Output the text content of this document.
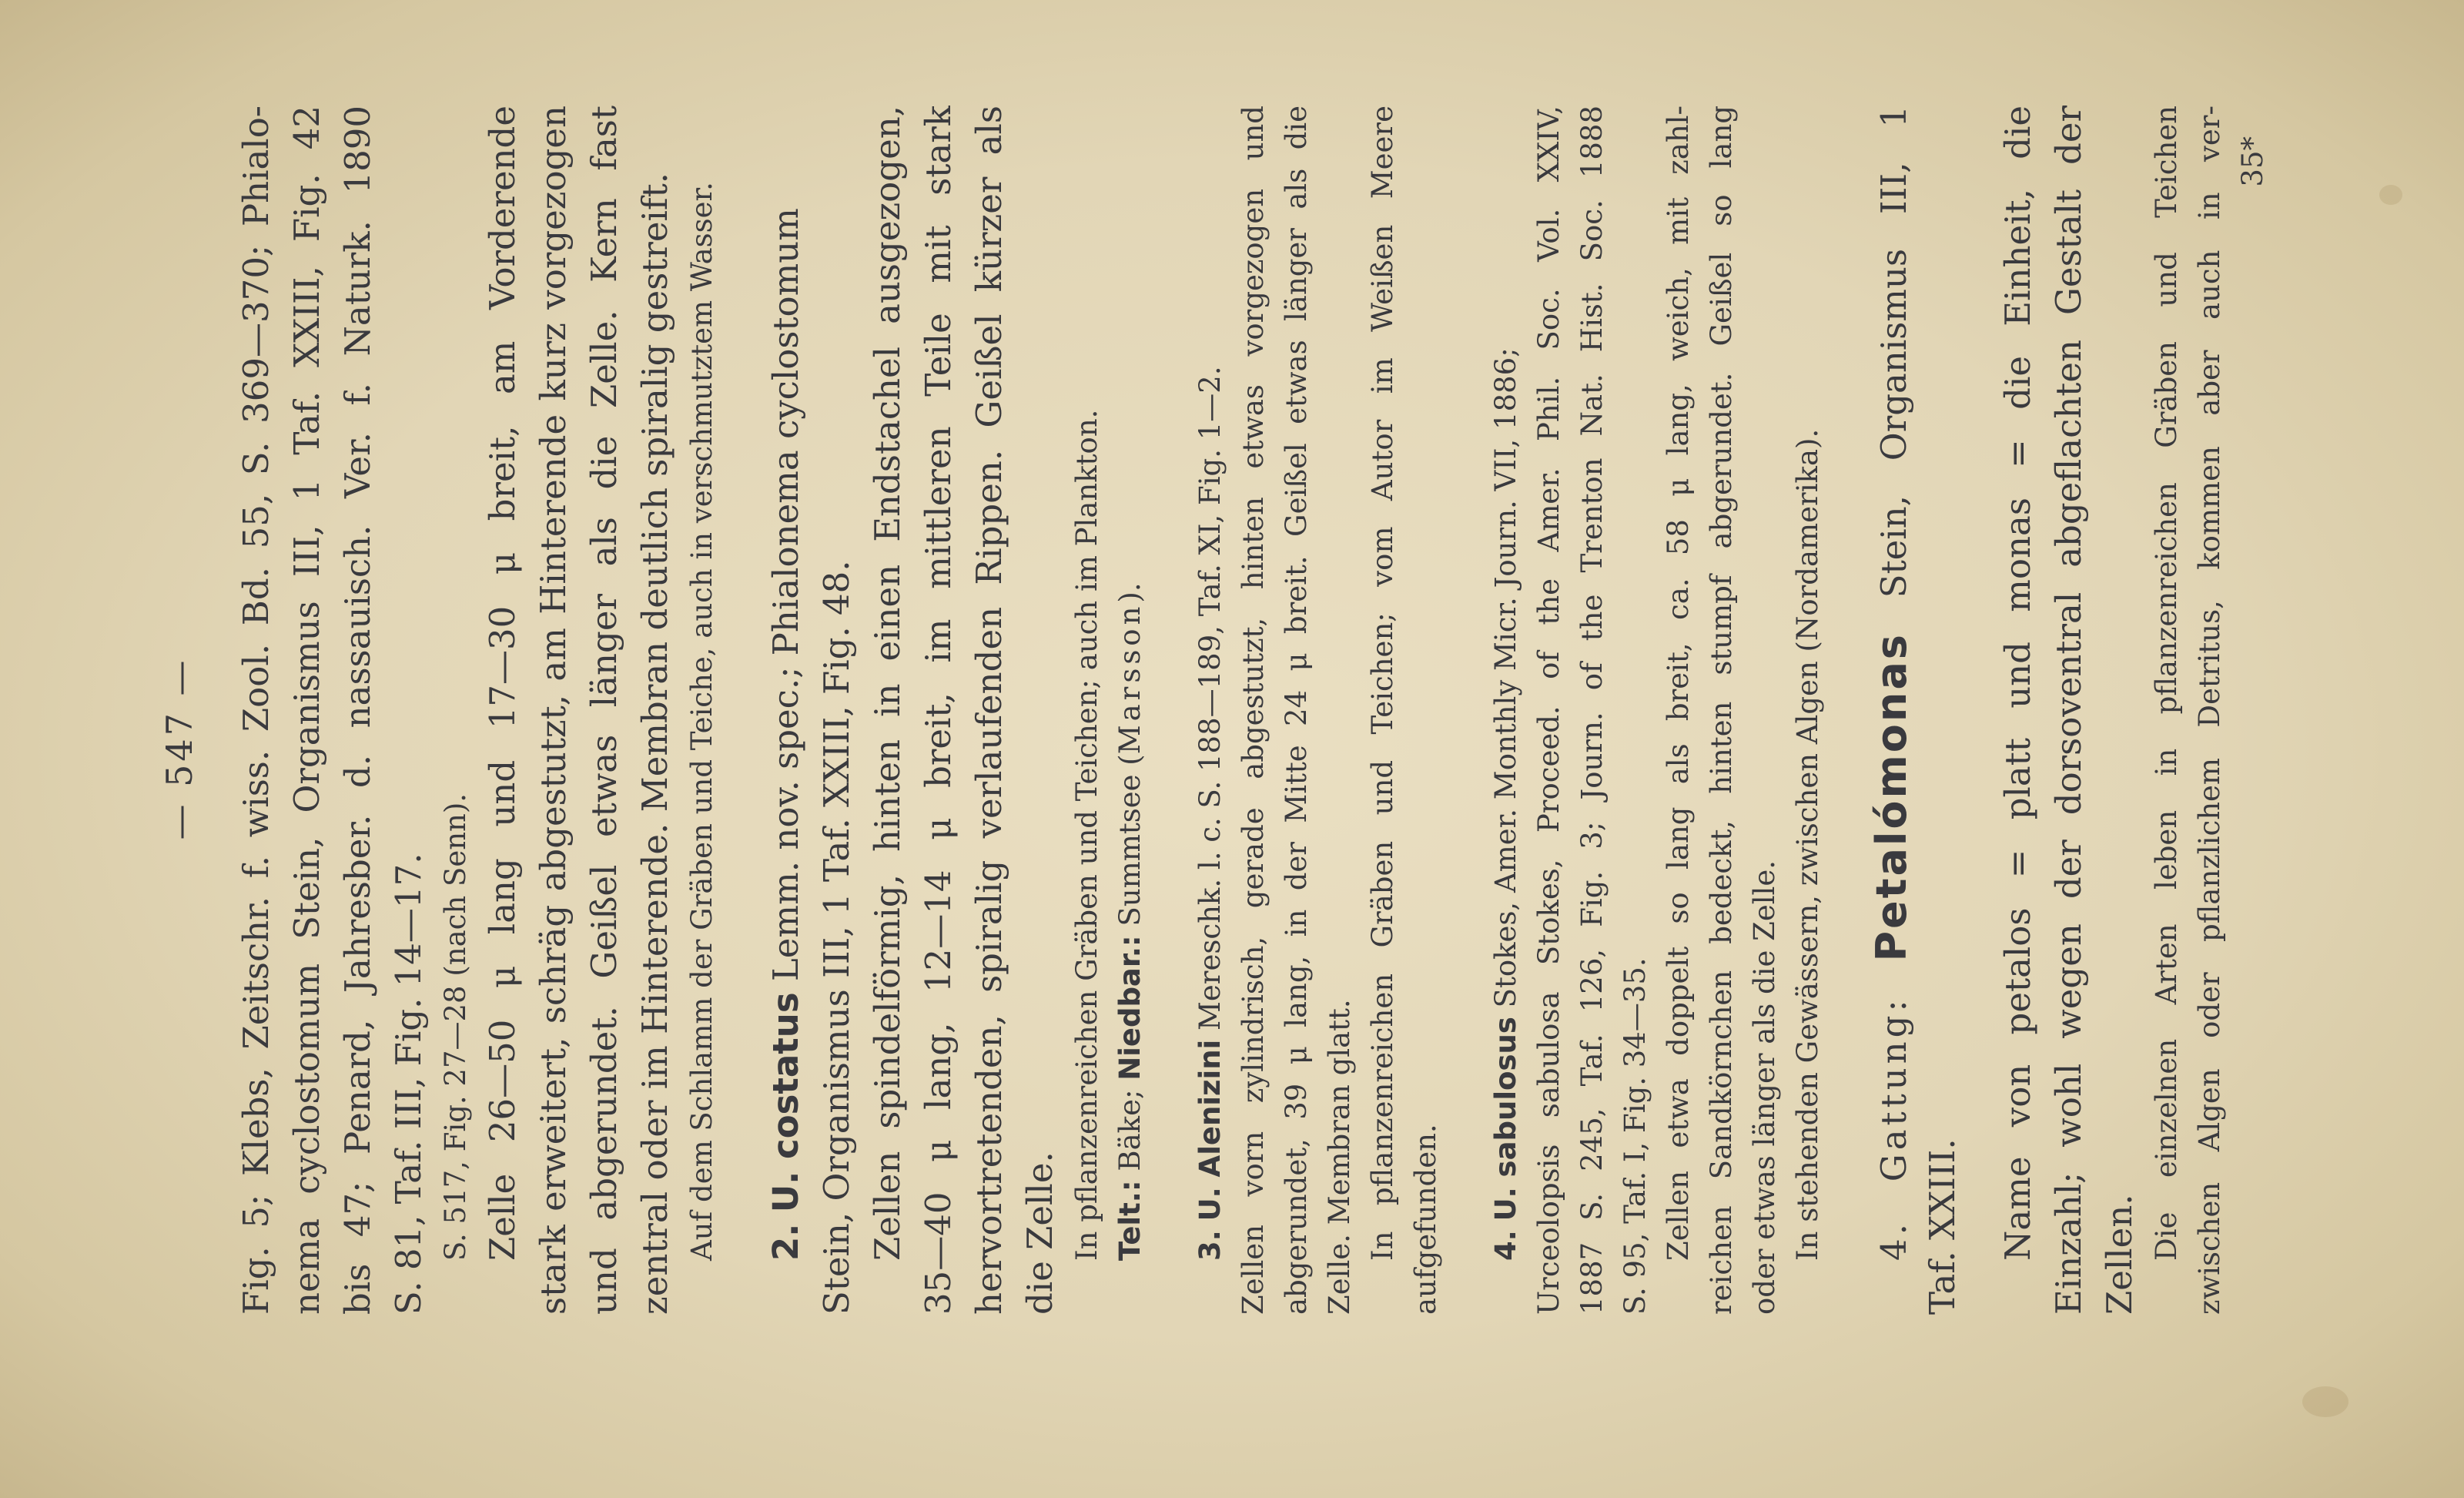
— 547 — Fig. 5; Klebs, Zeitschr. f. wiss. Zool. Bd. 55, S. 369—370; Phialo- nema cyclostomum Stein, Organismus III, 1 Taf. XXIII, Fig. 42 bis 47; Penard, Jahresber. d. nassauisch. Ver. f. Naturk. 1890 S. 81, Taf. III, Fig. 14—17. S. 517, Fig. 27—28 (nach Senn). Zelle 26—50 μ lang und 17—30 μ breit, am Vorderende stark erweitert, schräg abgestutzt, am Hinterende kurz vorgezogen und abgerundet. Geißel etwas länger als die Zelle. Kern fast zentral oder im Hinterende. Membran deutlich spiralig gestreift. Auf dem Schlamm der Gräben und Teiche, auch in verschmutztem Wasser. 2. U. costatus Lemm. nov. spec.; Phialonema cyclostomum Stein, Organismus III, 1 Taf. XXIII, Fig. 48. Zellen spindelförmig, hinten in einen Endstachel ausgezogen, 35—40 μ lang, 12—14 μ breit, im mittleren Teile mit stark hervortretenden, spiralig verlaufenden Rippen. Geißel kürzer als die Zelle. In pflanzenreichen Gräben und Teichen; auch im Plankton. Telt.: Bäke; Niedbar.: Summtsee (Marsson).
3. U. Alenizini Mereschk. l. c. S. 188—189, Taf. XI, Fig. 1—2. Zellen vorn zylindrisch, gerade abgestutzt, hinten etwas vorgezogen und abgerundet, 39 μ lang, in der Mitte 24 μ breit. Geißel etwas länger als die Zelle. Membran glatt. In pflanzenreichen Gräben und Teichen; vom Autor im Weißen Meere aufgefunden. 4. U. sabulosus Stokes, Amer. Monthly Micr. Journ. VII, 1886; Urceolopsis sabulosa Stokes, Proceed. of the Amer. Phil. Soc. Vol. XXIV, 1887 S. 245, Taf. 126, Fig. 3; Journ. of the Trenton Nat. Hist. Soc. 1888 S. 95, Taf. I, Fig. 34—35. Zellen etwa doppelt so lang als breit, ca. 58 μ lang, weich, mit zahl- reichen Sandkörnchen bedeckt, hinten stumpf abgerundet. Geißel so lang oder etwas länger als die Zelle. In stehenden Gewässern, zwischen Algen (Nordamerika). 4. Gattung: Petalómonas Stein, Organismus III, 1
Taf. XXIII. Name von petalos = platt und monas = die Einheit, die Einzahl; wohl wegen der dorsoventral abgeflachten Gestalt der Zellen. Die einzelnen Arten leben in pflanzenreichen Gräben und Teichen zwischen Algen oder pflanzlichem Detritus, kommen aber auch in ver- 35*
